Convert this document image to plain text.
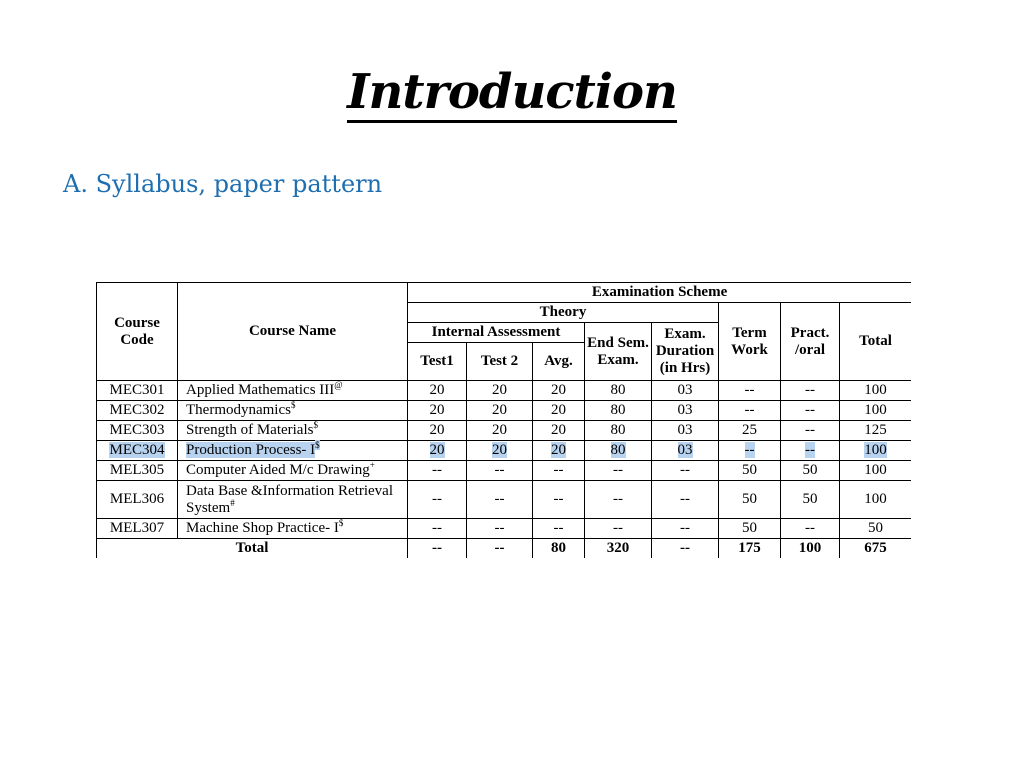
Introduction
A. Syllabus, paper pattern
Course Code	Course Name	Examination Scheme							
		Theory					Term Work	Pract. /oral	Total
		Internal Assessment			End Sem. Exam.	Exam. Duration (in Hrs)			
		Test1	Test 2	Avg.					
MEC301	Applied Mathematics III@	20	20	20	80	03	--	--	100
MEC302	Thermodynamics$	20	20	20	80	03	--	--	100
MEC303	Strength of Materials$	20	20	20	80	03	25	--	125
MEC304	Production Process- I$	20	20	20	80	03	--	--	100
MEL305	Computer Aided M/c Drawing+	--	--	--	--	--	50	50	100
MEL306	Data Base &Information Retrieval System#	--	--	--	--	--	50	50	100
MEL307	Machine Shop Practice- I$	--	--	--	--	--	50	--	50
Total		--	--	80	320	--	175	100	675
